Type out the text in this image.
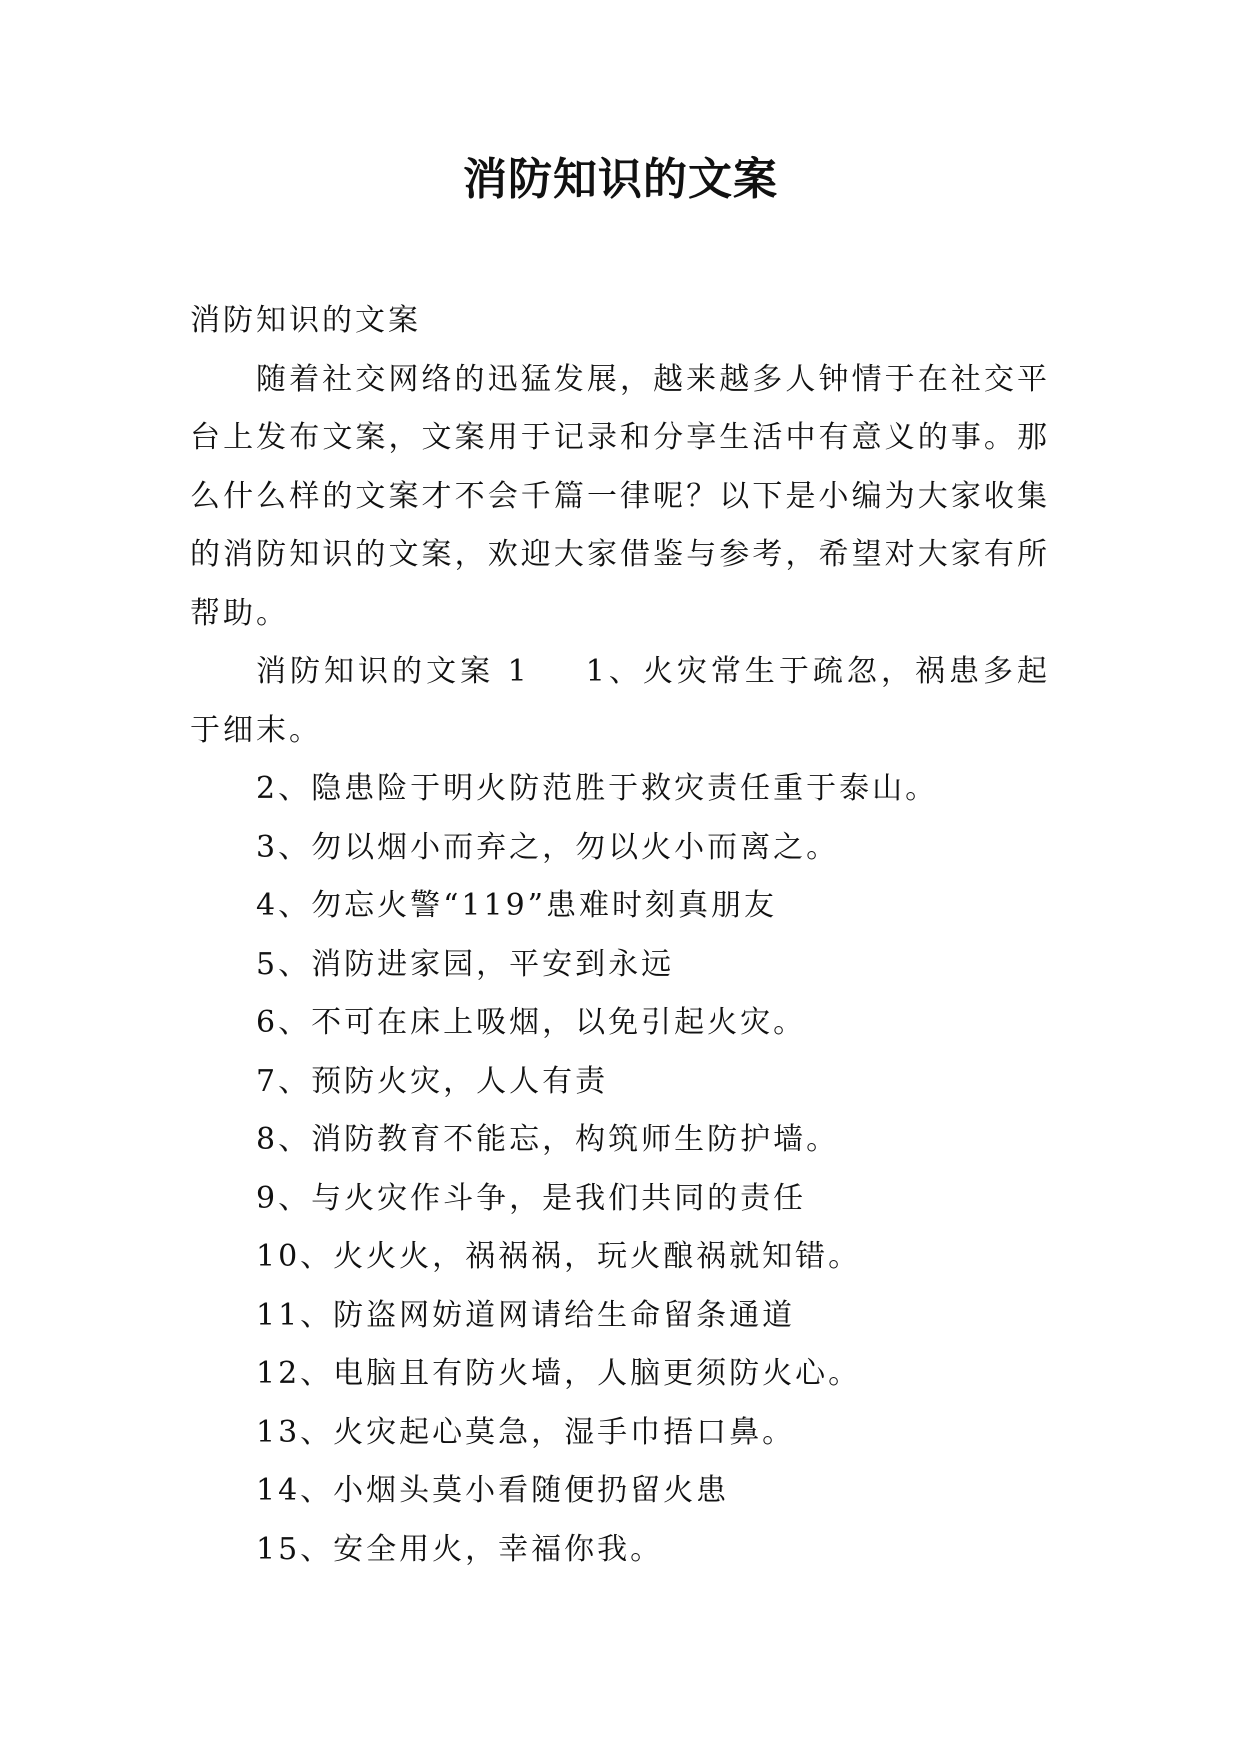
消防知识的文案

消防知识的文案

随着社交网络的迅猛发展，越来越多人钟情于在社交平台上发布文案，文案用于记录和分享生活中有意义的事。那么什么样的文案才不会千篇一律呢？以下是小编为大家收集的消防知识的文案，欢迎大家借鉴与参考，希望对大家有所帮助。

消防知识的文案 1 1、火灾常生于疏忽，祸患多起于细末。

2、隐患险于明火防范胜于救灾责任重于泰山。

3、勿以烟小而弃之，勿以火小而离之。

4、勿忘火警“119”患难时刻真朋友

5、消防进家园，平安到永远

6、不可在床上吸烟，以免引起火灾。

7、预防火灾，人人有责

8、消防教育不能忘，构筑师生防护墙。

9、与火灾作斗争，是我们共同的责任

10、火火火，祸祸祸，玩火酿祸就知错。

11、防盗网妨道网请给生命留条通道

12、电脑且有防火墙，人脑更须防火心。

13、火灾起心莫急，湿手巾捂口鼻。

14、小烟头莫小看随便扔留火患

15、安全用火，幸福你我。
